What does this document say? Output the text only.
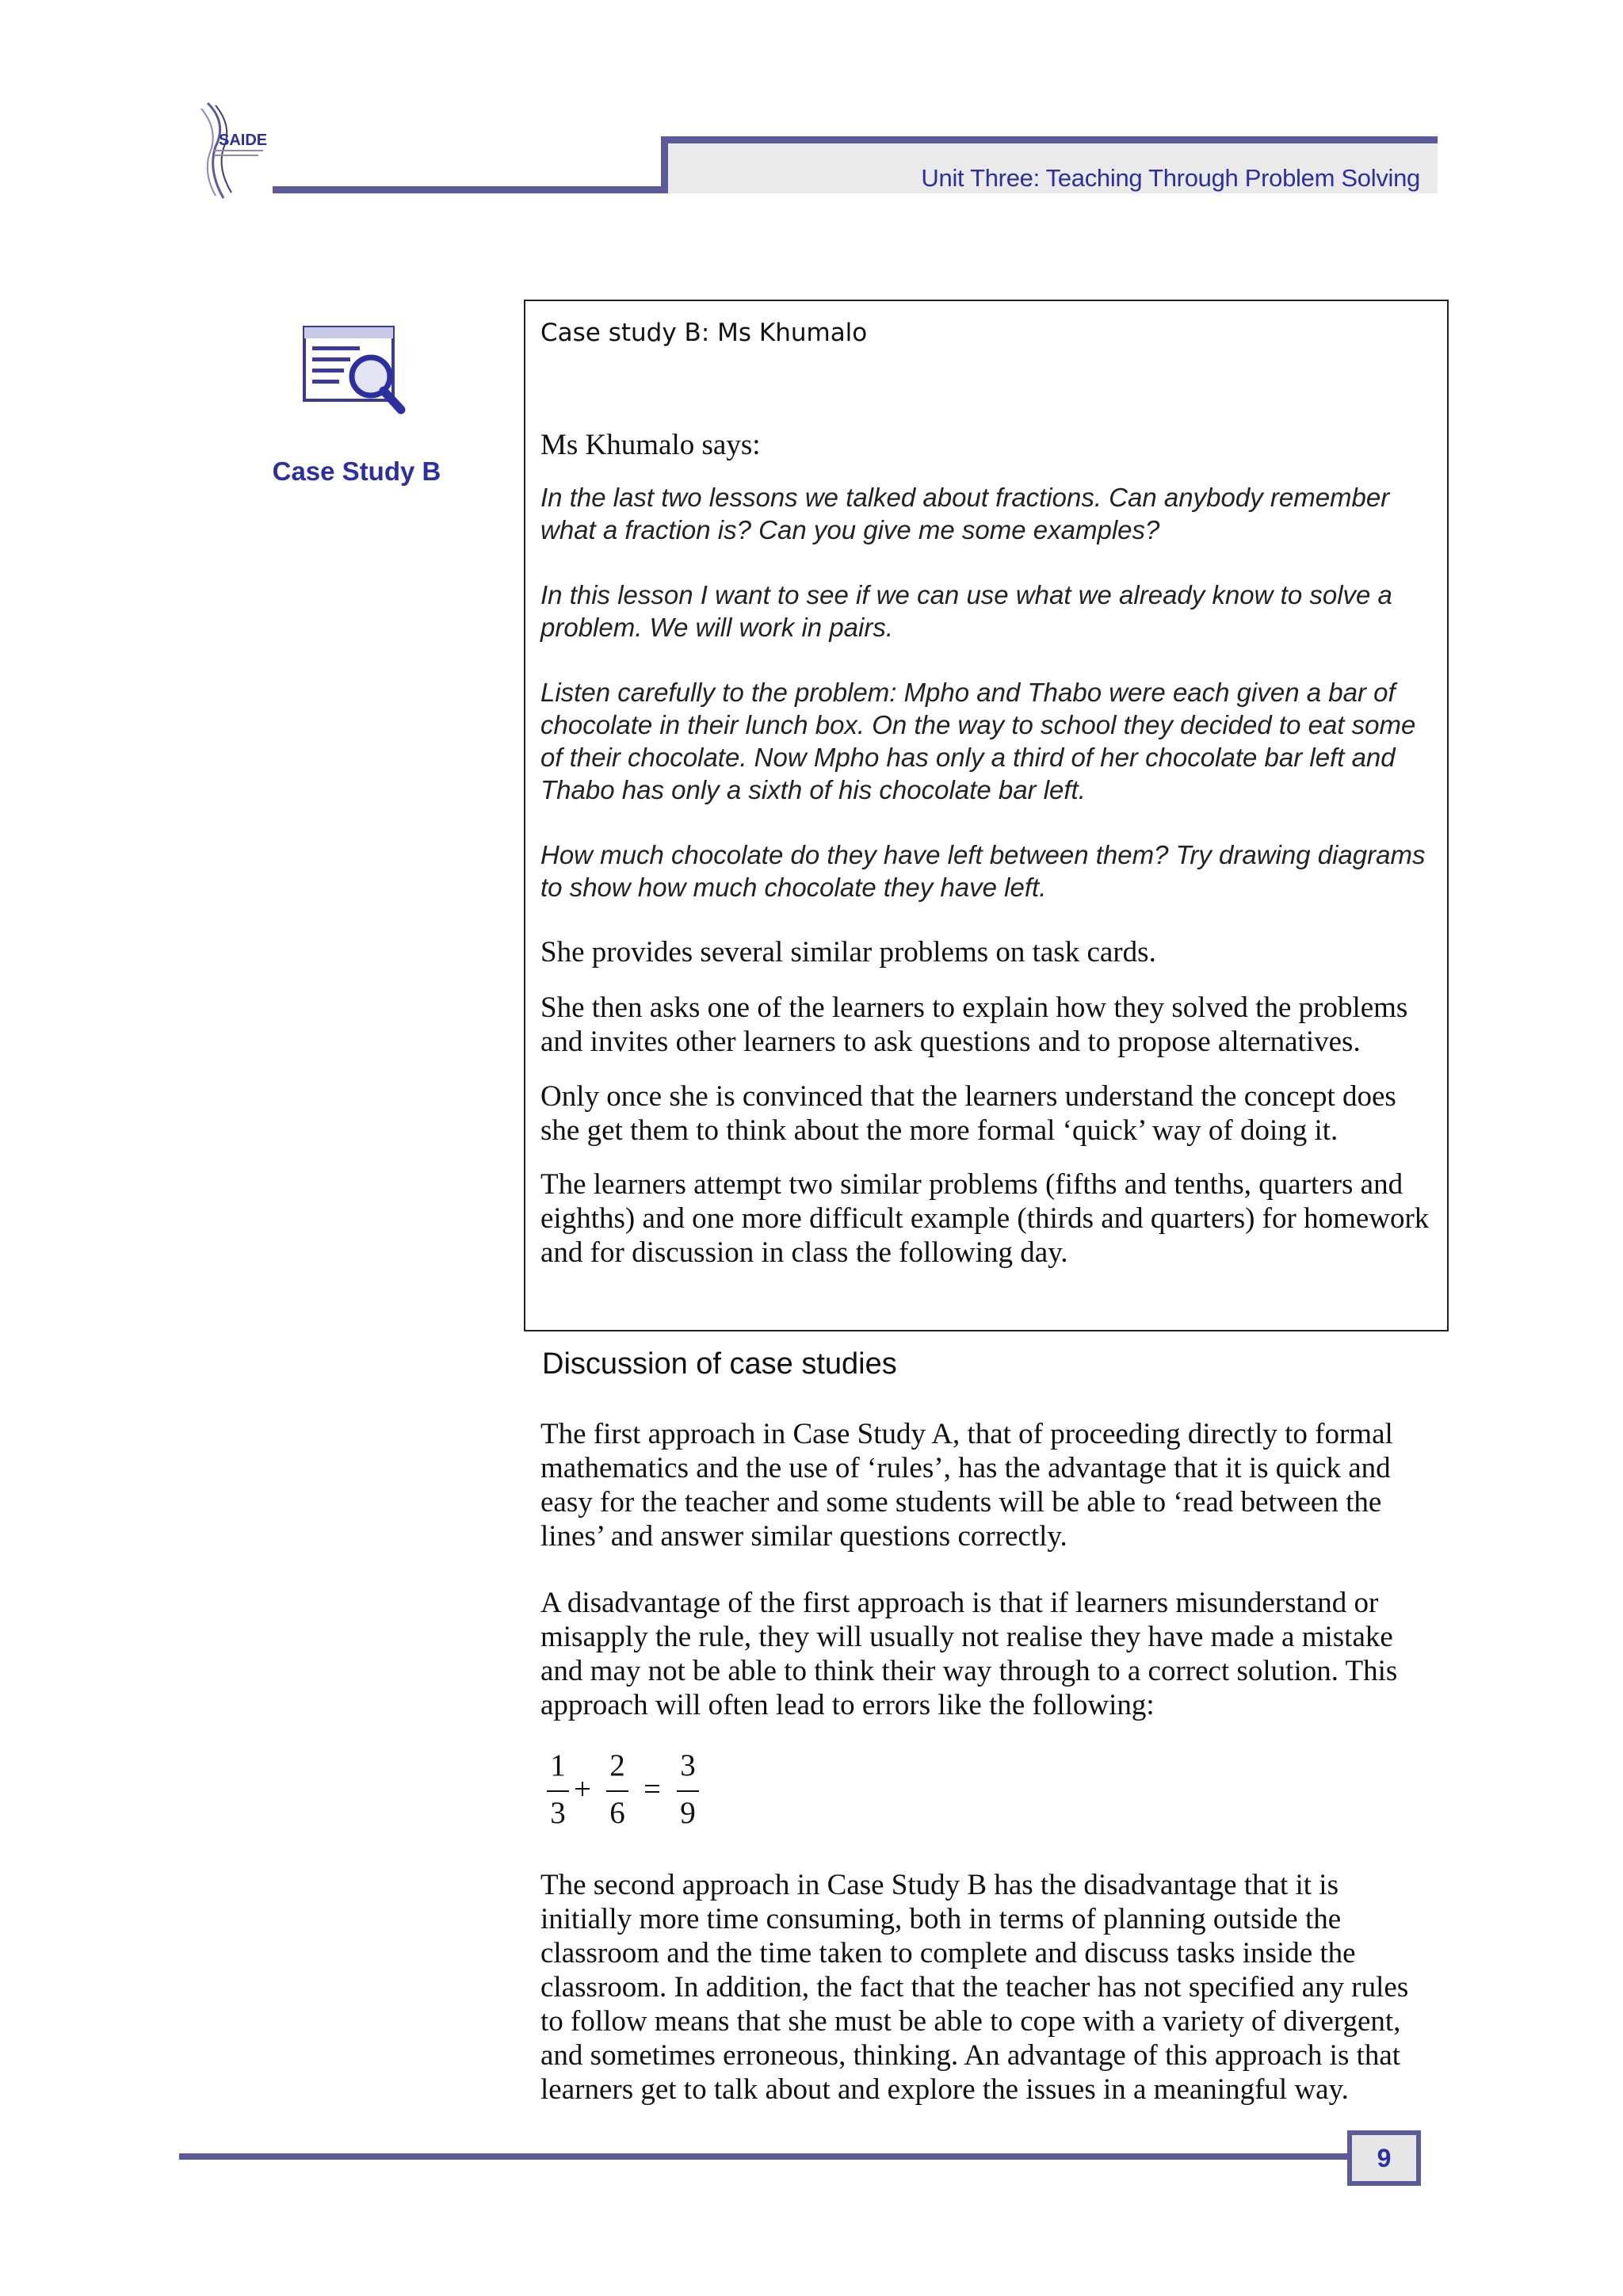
SAIDE
Unit Three: Teaching Through Problem Solving
Case Study B
Case study B: Ms Khumalo
Ms Khumalo says:
In the last two lessons we talked about fractions. Can anybody remember what a fraction is? Can you give me some examples?
In this lesson I want to see if we can use what we already know to solve a problem. We will work in pairs.
Listen carefully to the problem: Mpho and Thabo were each given a bar of chocolate in their lunch box. On the way to school they decided to eat some of their chocolate. Now Mpho has only a third of her chocolate bar left and Thabo has only a sixth of his chocolate bar left.
How much chocolate do they have left between them? Try drawing diagrams to show how much chocolate they have left.
She provides several similar problems on task cards.
She then asks one of the learners to explain how they solved the problems and invites other learners to ask questions and to propose alternatives.
Only once she is convinced that the learners understand the concept does she get them to think about the more formal ‘quick’ way of doing it.
The learners attempt two similar problems (fifths and tenths, quarters and eighths) and one more difficult example (thirds and quarters) for homework and for discussion in class the following day.
Discussion of case studies
The first approach in Case Study A, that of proceeding directly to formal mathematics and the use of ‘rules’, has the advantage that it is quick and easy for the teacher and some students will be able to ‘read between the lines’ and answer similar questions correctly.
A disadvantage of the first approach is that if learners misunderstand or misapply the rule, they will usually not realise they have made a mistake and may not be able to think their way through to a correct solution. This approach will often lead to errors like the following:
1
3
+
2
6
=
3
9
The second approach in Case Study B has the disadvantage that it is initially more time consuming, both in terms of planning outside the classroom and the time taken to complete and discuss tasks inside the classroom. In addition, the fact that the teacher has not specified any rules to follow means that she must be able to cope with a variety of divergent, and sometimes erroneous, thinking. An advantage of this approach is that learners get to talk about and explore the issues in a meaningful way.
9
